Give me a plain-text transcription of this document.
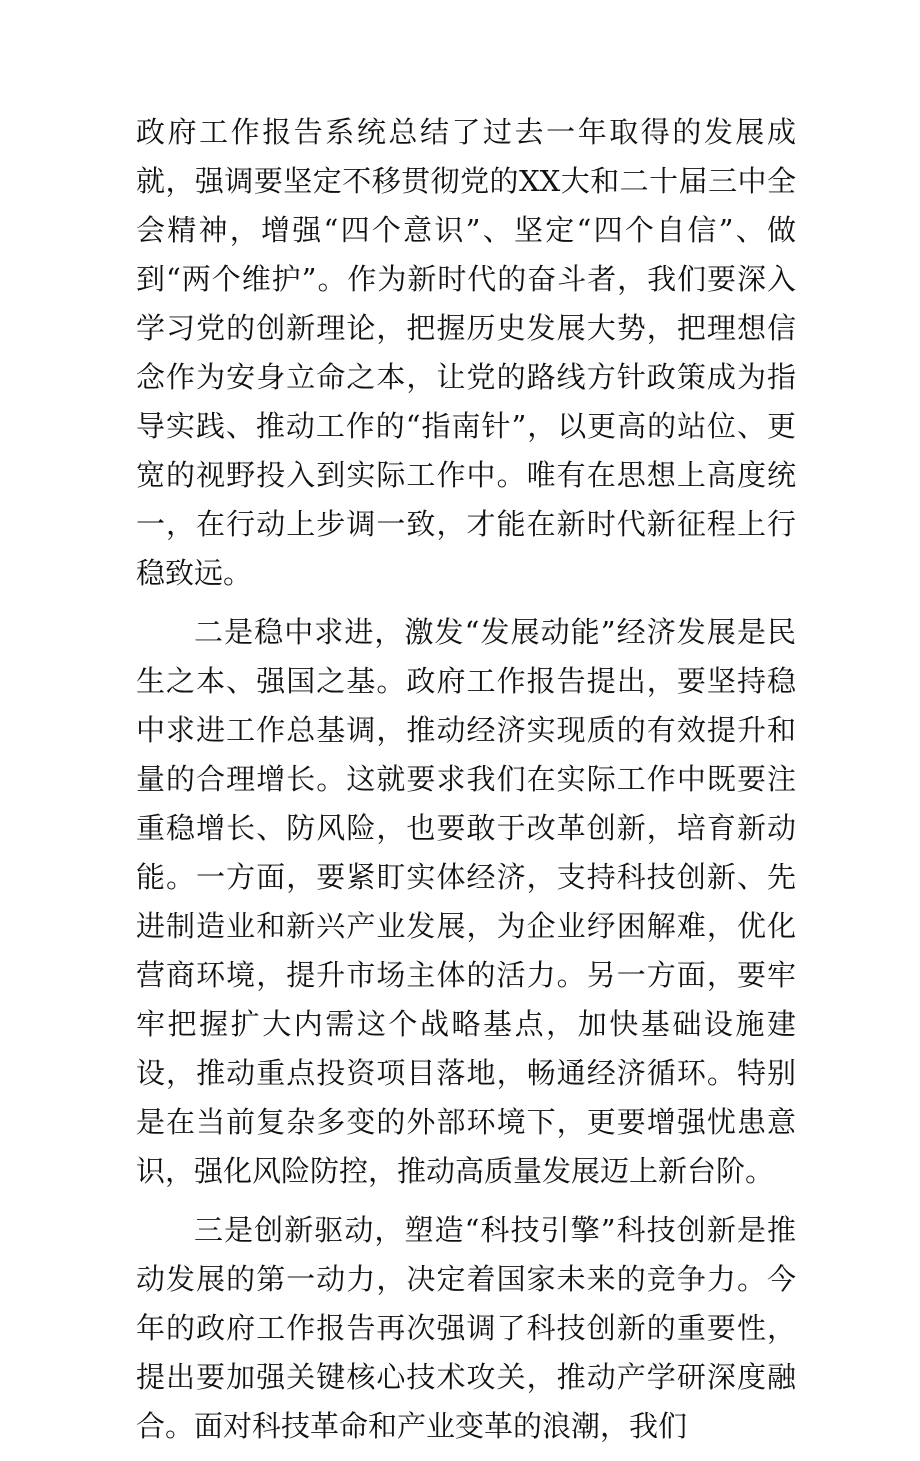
政府工作报告系统总结了过去一年取得的发展成就，强调要坚定不移贯彻党的XX大和二十届三中全会精神，增强“四个意识”、坚定“四个自信”、做到“两个维护”。作为新时代的奋斗者，我们要深入学习党的创新理论，把握历史发展大势，把理想信念作为安身立命之本，让党的路线方针政策成为指导实践、推动工作的“指南针”，以更高的站位、更宽的视野投入到实际工作中。唯有在思想上高度统一，在行动上步调一致，才能在新时代新征程上行稳致远。

二是稳中求进，激发“发展动能”经济发展是民生之本、强国之基。政府工作报告提出，要坚持稳中求进工作总基调，推动经济实现质的有效提升和量的合理增长。这就要求我们在实际工作中既要注重稳增长、防风险，也要敢于改革创新，培育新动能。一方面，要紧盯实体经济，支持科技创新、先进制造业和新兴产业发展，为企业纾困解难，优化营商环境，提升市场主体的活力。另一方面，要牢牢把握扩大内需这个战略基点，加快基础设施建设，推动重点投资项目落地，畅通经济循环。特别是在当前复杂多变的外部环境下，更要增强忧患意识，强化风险防控，推动高质量发展迈上新台阶。

三是创新驱动，塑造“科技引擎”科技创新是推动发展的第一动力，决定着国家未来的竞争力。今年的政府工作报告再次强调了科技创新的重要性，提出要加强关键核心技术攻关，推动产学研深度融合。面对科技革命和产业变革的浪潮，我们
